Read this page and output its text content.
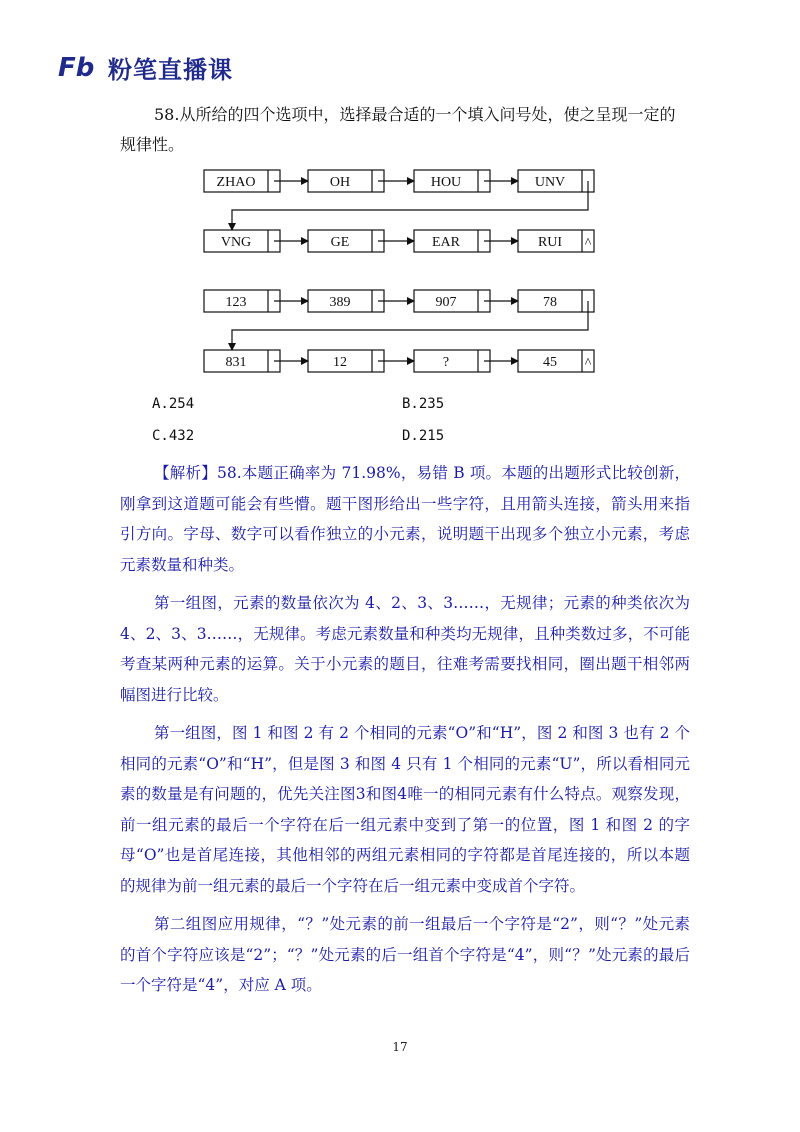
Fb 粉笔直播课
58.从所给的四个选项中，选择最合适的一个填入问号处，使之呈现一定的
规律性。
ZHAO	OH	HOU	UNV
VNG	GE	EAR	RUI ^
123	389	907	78
831	12	?	45 ^
A.254	B.235
C.432	D.215

【解析】58.本题正确率为 71.98%，易错 B 项。本题的出题形式比较创新，刚拿到这道题可能会有些懵。题干图形给出一些字符，且用箭头连接，箭头用来指引方向。字母、数字可以看作独立的小元素，说明题干出现多个独立小元素，考虑元素数量和种类。

第一组图，元素的数量依次为 4、2、3、3……，无规律；元素的种类依次为 4、2、3、3……，无规律。考虑元素数量和种类均无规律，且种类数过多，不可能考查某两种元素的运算。关于小元素的题目，往难考需要找相同，圈出题干相邻两幅图进行比较。

第一组图，图 1 和图 2 有 2 个相同的元素“O”和“H”，图 2 和图 3 也有 2 个相同的元素“O”和“H”，但是图 3 和图 4 只有 1 个相同的元素“U”，所以看相同元素的数量是有问题的，优先关注图3和图4唯一的相同元素有什么特点。观察发现，前一组元素的最后一个字符在后一组元素中变到了第一的位置，图 1 和图 2 的字母“O”也是首尾连接，其他相邻的两组元素相同的字符都是首尾连接的，所以本题的规律为前一组元素的最后一个字符在后一组元素中变成首个字符。

第二组图应用规律，“？”处元素的前一组最后一个字符是“2”，则“？”处元素的首个字符应该是“2”；“？”处元素的后一组首个字符是“4”，则“？”处元素的最后一个字符是“4”，对应 A 项。

17
